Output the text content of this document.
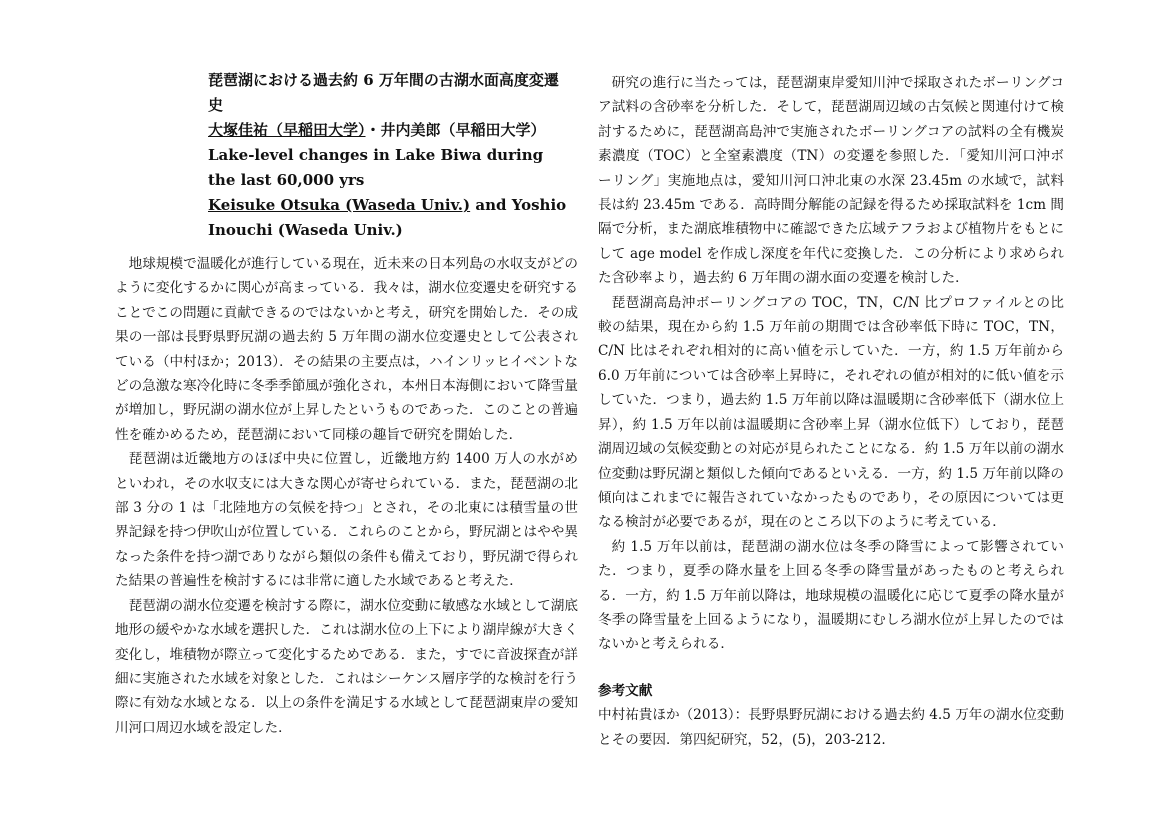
琵琶湖における過去約 6 万年間の古湖水面高度変遷史
大塚佳祐（早稲田大学）・井内美郎（早稲田大学）
Lake-level changes in Lake Biwa during the last 60,000 yrs
Keisuke Otsuka (Waseda Univ.) and Yoshio Inouchi (Waseda Univ.)

地球規模で温暖化が進行している現在，近未来の日本列島の水収支がどのように変化するかに関心が高まっている．我々は，湖水位変遷史を研究することでこの問題に貢献できるのではないかと考え，研究を開始した．その成果の一部は長野県野尻湖の過去約 5 万年間の湖水位変遷史として公表されている（中村ほか；2013）．その結果の主要点は，ハインリッヒイベントなどの急激な寒冷化時に冬季季節風が強化され，本州日本海側において降雪量が増加し，野尻湖の湖水位が上昇したというものであった．このことの普遍性を確かめるため，琵琶湖において同様の趣旨で研究を開始した．

琵琶湖は近畿地方のほぼ中央に位置し，近畿地方約 1400 万人の水がめといわれ，その水収支には大きな関心が寄せられている．また，琵琶湖の北部 3 分の 1 は「北陸地方の気候を持つ」とされ，その北東には積雪量の世界記録を持つ伊吹山が位置している．これらのことから，野尻湖とはやや異なった条件を持つ湖でありながら類似の条件も備えており，野尻湖で得られた結果の普遍性を検討するには非常に適した水域であると考えた．

琵琶湖の湖水位変遷を検討する際に，湖水位変動に敏感な水域として湖底地形の緩やかな水域を選択した．これは湖水位の上下により湖岸線が大きく変化し，堆積物が際立って変化するためである．また，すでに音波探査が詳細に実施された水域を対象とした．これはシーケンス層序学的な検討を行う際に有効な水域となる．以上の条件を満足する水域として琵琶湖東岸の愛知川河口周辺水域を設定した．

研究の進行に当たっては，琵琶湖東岸愛知川沖で採取されたボーリングコア試料の含砂率を分析した．そして，琵琶湖周辺域の古気候と関連付けて検討するために，琵琶湖高島沖で実施されたボーリングコアの試料の全有機炭素濃度（TOC）と全窒素濃度（TN）の変遷を参照した．「愛知川河口沖ボーリング」実施地点は，愛知川河口沖北東の水深 23.45m の水域で，試料長は約 23.45m である．高時間分解能の記録を得るため採取試料を 1cm 間隔で分析，また湖底堆積物中に確認できた広域テフラおよび植物片をもとにして age model を作成し深度を年代に変換した．この分析により求められた含砂率より，過去約 6 万年間の湖水面の変遷を検討した．

琵琶湖高島沖ボーリングコアの TOC，TN，C/N 比プロファイルとの比較の結果，現在から約 1.5 万年前の期間では含砂率低下時に TOC，TN，C/N 比はそれぞれ相対的に高い値を示していた．一方，約 1.5 万年前から 6.0 万年前については含砂率上昇時に，それぞれの値が相対的に低い値を示していた．つまり，過去約 1.5 万年前以降は温暖期に含砂率低下（湖水位上昇），約 1.5 万年以前は温暖期に含砂率上昇（湖水位低下）しており，琵琶湖周辺域の気候変動との対応が見られたことになる．約 1.5 万年以前の湖水位変動は野尻湖と類似した傾向であるといえる．一方，約 1.5 万年前以降の傾向はこれまでに報告されていなかったものであり，その原因については更なる検討が必要であるが，現在のところ以下のように考えている．

約 1.5 万年以前は，琵琶湖の湖水位は冬季の降雪によって影響されていた．つまり，夏季の降水量を上回る冬季の降雪量があったものと考えられる．一方，約 1.5 万年前以降は，地球規模の温暖化に応じて夏季の降水量が冬季の降雪量を上回るようになり，温暖期にむしろ湖水位が上昇したのではないかと考えられる．

参考文献

中村祐貴ほか（2013）：長野県野尻湖における過去約 4.5 万年の湖水位変動とその要因．第四紀研究，52，(5)，203-212.
